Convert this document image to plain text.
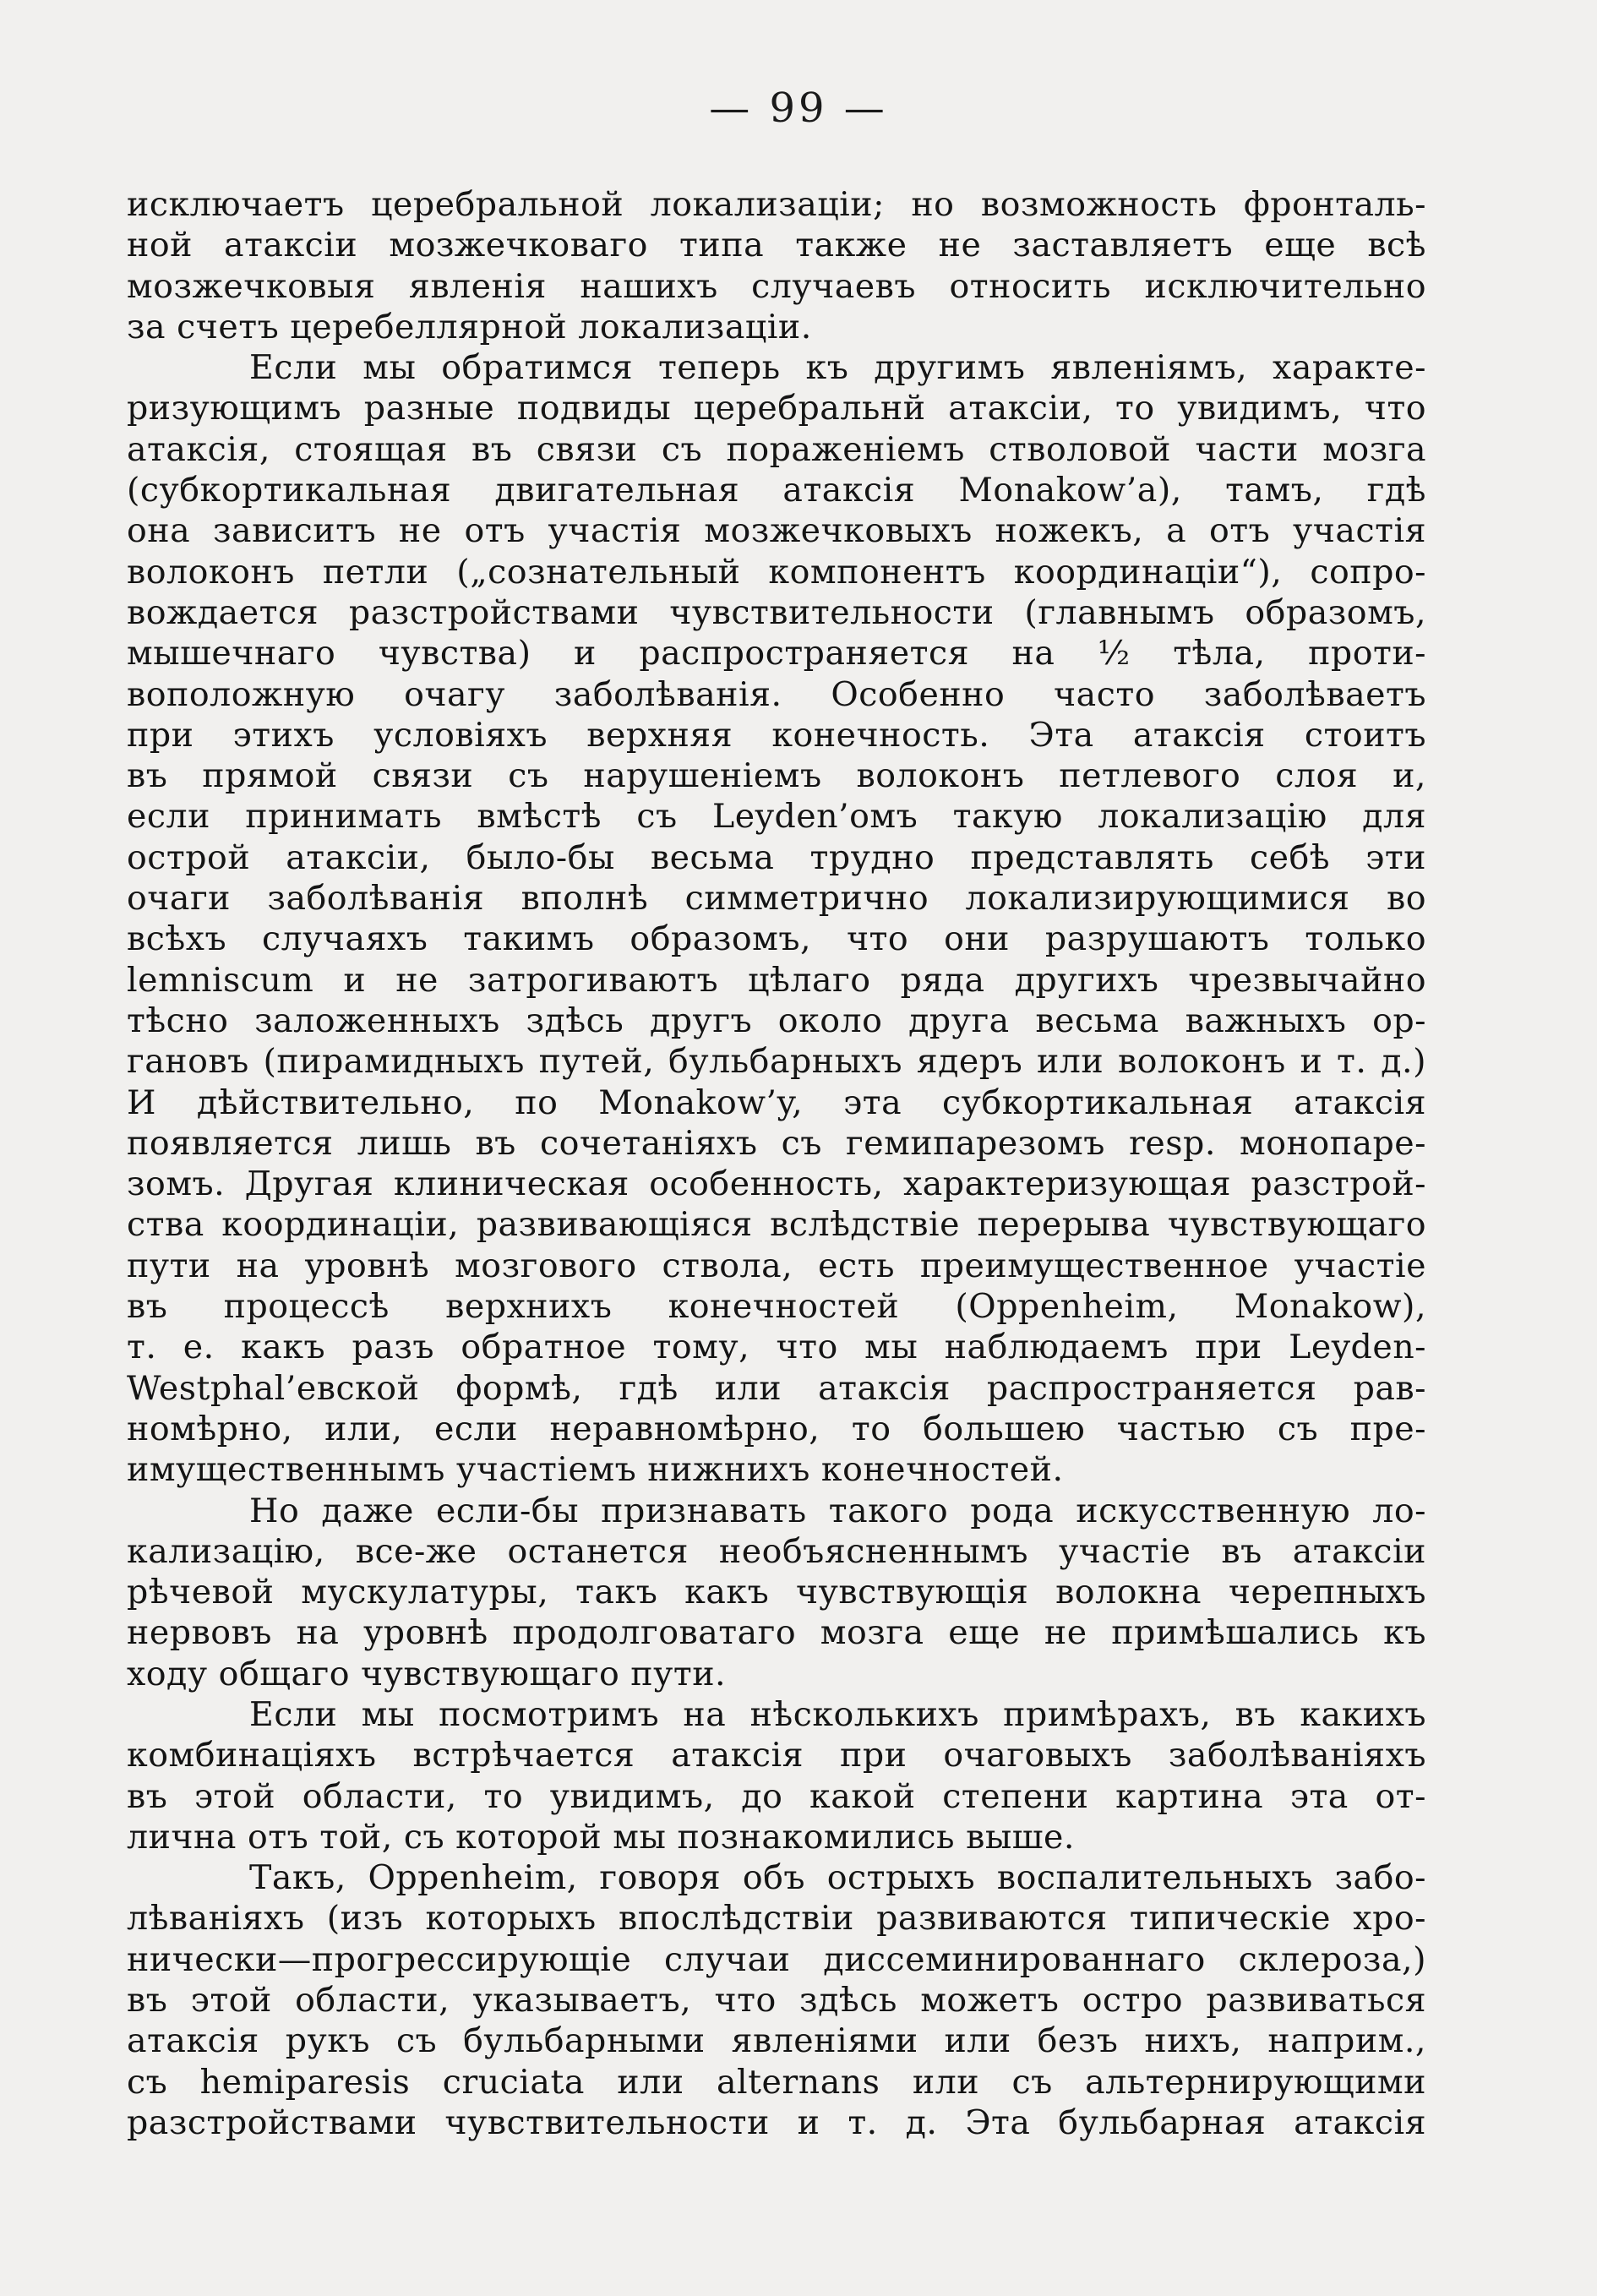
— 99 —
исключаетъ церебральной локализацiи; но возможность фронталь-
ной атаксiи мозжечковаго типа также не заставляетъ еще всѣ
мозжечковыя явленiя нашихъ случаевъ относить исключительно
за счетъ церебеллярной локализацiи.
Если мы обратимся теперь къ другимъ явленiямъ, характе-
ризующимъ разные подвиды церебральнй атаксiи, то увидимъ, что
атаксiя, стоящая въ связи съ пораженiемъ стволовой части мозга
(субкортикальная двигательная атаксiя Monakow’a), тамъ, гдѣ
она зависитъ не отъ участiя мозжечковыхъ ножекъ, а отъ участiя
волоконъ петли („сознательный компонентъ координацiи“), сопро-
вождается разстройствами чувствительности (главнымъ образомъ,
мышечнаго чувства) и распространяется на ½ тѣла, проти-
воположную очагу заболѣванiя. Особенно часто заболѣваетъ
при этихъ условiяхъ верхняя конечность. Эта атаксiя стоитъ
въ прямой связи съ нарушенiемъ волоконъ петлевого слоя и,
если принимать вмѣстѣ съ Leyden’омъ такую локализацiю для
острой атаксiи, было-бы весьма трудно представлять себѣ эти
очаги заболѣванiя вполнѣ симметрично локализирующимися во
всѣхъ случаяхъ такимъ образомъ, что они разрушаютъ только
lemniscum и не затрогиваютъ цѣлаго ряда другихъ чрезвычайно
тѣсно заложенныхъ здѣсь другъ около друга весьма важныхъ ор-
гановъ (пирамидныхъ путей, бульбарныхъ ядеръ или волоконъ и т. д.)
И дѣйствительно, по Monakow’y, эта субкортикальная атаксiя
появляется лишь въ сочетанiяхъ съ гемипарезомъ resp. монопаре-
зомъ. Другая клиническая особенность, характеризующая разстрой-
ства координацiи, развивающiяся вслѣдствiе перерыва чувствующаго
пути на уровнѣ мозгового ствола, есть преимущественное участiе
въ процессѣ верхнихъ конечностей (Oppenheim, Monakow),
т. е. какъ разъ обратное тому, что мы наблюдаемъ при Leyden-
Westphal’евской формѣ, гдѣ или атаксiя распространяется рав-
номѣрно, или, если неравномѣрно, то большею частью съ пре-
имущественнымъ участiемъ нижнихъ конечностей.
Но даже если-бы признавать такого рода искусственную ло-
кализацiю, все-же останется необъясненнымъ участiе въ атаксiи
рѣчевой мускулатуры, такъ какъ чувствующiя волокна черепныхъ
нервовъ на уровнѣ продолговатаго мозга еще не примѣшались къ
ходу общаго чувствующаго пути.
Если мы посмотримъ на нѣсколькихъ примѣрахъ, въ какихъ
комбинацiяхъ встрѣчается атаксiя при очаговыхъ заболѣванiяхъ
въ этой области, то увидимъ, до какой степени картина эта от-
лична отъ той, съ которой мы познакомились выше.
Такъ, Oppenheim, говоря объ острыхъ воспалительныхъ забо-
лѣванiяхъ (изъ которыхъ впослѣдствiи развиваются типическiе хро-
нически—прогрессирующiе случаи диссеминированнаго склероза,)
въ этой области, указываетъ, что здѣсь можетъ остро развиваться
атаксiя рукъ съ бульбарными явленiями или безъ нихъ, наприм.,
съ hemiparesis cruciata или alternans или съ альтернирующими
разстройствами чувствительности и т. д. Эта бульбарная атаксiя
